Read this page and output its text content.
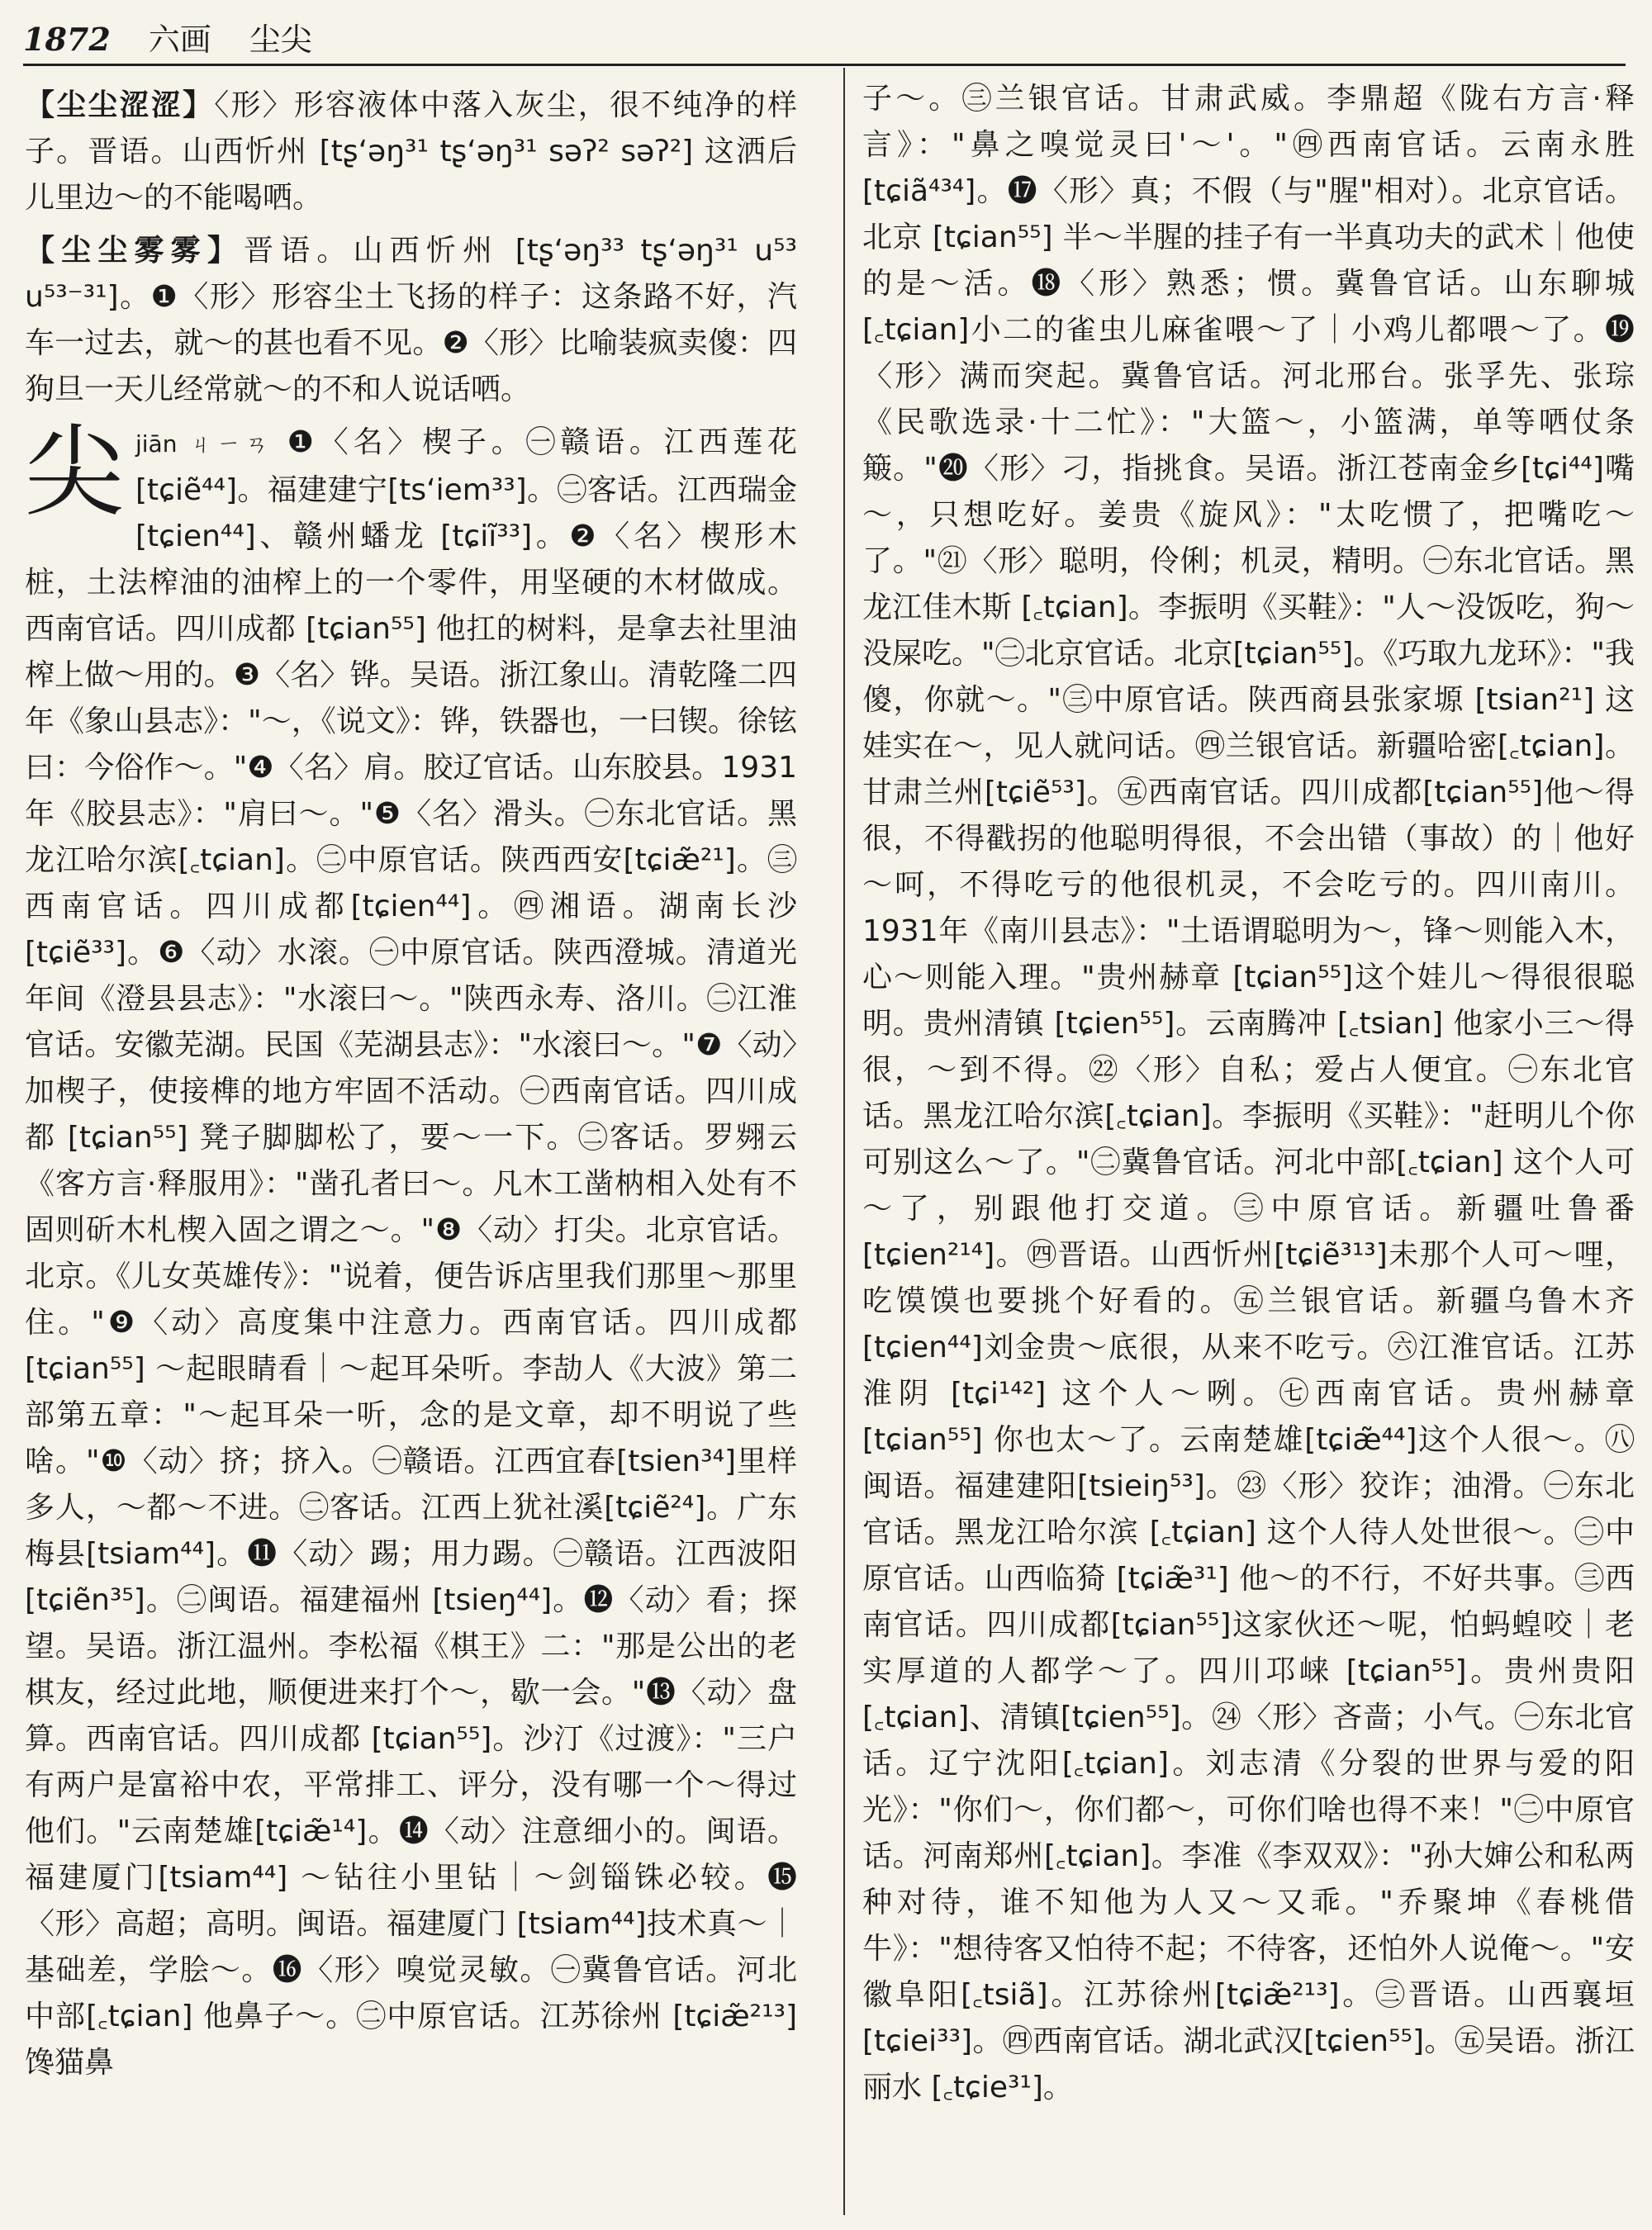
1872 六画 尘尖

【尘尘涩涩】〈形〉形容液体中落入灰尘，很不纯净的样子。晋语。山西忻州 [tʂʻəŋ³¹ tʂʻəŋ³¹ səʔ² səʔ²] 这洒后儿里边～的不能喝哂。

【尘尘雾雾】晋语。山西忻州 [tʂʻəŋ³³ tʂʻəŋ³¹ u⁵³ u⁵³⁻³¹]。❶〈形〉形容尘土飞扬的样子：这条路不好，汽车一过去，就～的甚也看不见。❷〈形〉比喻装疯卖傻：四狗旦一天儿经常就～的不和人说话哂。

尖 jiān ㄐㄧㄢ ❶〈名〉楔子。㊀赣语。江西莲花[tɕiẽ⁴⁴]。福建建宁[tsʻiem³³]。㊁客话。江西瑞金 [tɕien⁴⁴]、赣州蟠龙 [tɕiĩ³³]。❷〈名〉楔形木桩，土法榨油的油榨上的一个零件，用坚硬的木材做成。西南官话。四川成都 [tɕian⁵⁵] 他扛的树料，是拿去社里油榨上做～用的。❸〈名〉铧。吴语。浙江象山。清乾隆二四年《象山县志》："～，《说文》：铧，铁器也，一曰锲。徐铉曰：今俗作～。"❹〈名〉肩。胶辽官话。山东胶县。1931年《胶县志》："肩曰～。"❺〈名〉滑头。㊀东北官话。黑龙江哈尔滨[꜀tɕian]。㊁中原官话。陕西西安[tɕiæ̃²¹]。㊂西南官话。四川成都[tɕien⁴⁴]。㊃湘语。湖南长沙[tɕiẽ³³]。❻〈动〉水滚。㊀中原官话。陕西澄城。清道光年间《澄县县志》："水滚曰～。"陕西永寿、洛川。㊁江淮官话。安徽芜湖。民国《芜湖县志》："水滚曰～。"❼〈动〉加楔子，使接榫的地方牢固不活动。㊀西南官话。四川成都 [tɕian⁵⁵] 凳子脚脚松了，要～一下。㊁客话。罗翙云《客方言·释服用》："凿孔者曰～。凡木工凿枘相入处有不固则斫木札楔入固之谓之～。"❽〈动〉打尖。北京官话。北京。《儿女英雄传》："说着，便告诉店里我们那里～那里住。"❾〈动〉高度集中注意力。西南官话。四川成都[tɕian⁵⁵] ～起眼睛看｜～起耳朵听。李劼人《大波》第二部第五章："～起耳朵一听，念的是文章，却不明说了些啥。"❿〈动〉挤；挤入。㊀赣语。江西宜春[tsien³⁴]里样多人，～都～不进。㊁客话。江西上犹社溪[tɕiẽ²⁴]。广东梅县[tsiam⁴⁴]。⓫〈动〉踢；用力踢。㊀赣语。江西波阳 [tɕiẽn³⁵]。㊁闽语。福建福州 [tsieŋ⁴⁴]。⓬〈动〉看；探望。吴语。浙江温州。李松福《棋王》二："那是公出的老棋友，经过此地，顺便进来打个～，歇一会。"⓭〈动〉盘算。西南官话。四川成都 [tɕian⁵⁵]。沙汀《过渡》："三户有两户是富裕中农，平常排工、评分，没有哪一个～得过他们。"云南楚雄[tɕiæ̃¹⁴]。⓮〈动〉注意细小的。闽语。福建厦门[tsiam⁴⁴] ～钻往小里钻｜～剑锱铢必较。⓯〈形〉高超；高明。闽语。福建厦门 [tsiam⁴⁴]技术真～｜基础差，学脍～。⓰〈形〉嗅觉灵敏。㊀冀鲁官话。河北中部[꜀tɕian] 他鼻子～。㊁中原官话。江苏徐州 [tɕiæ̃²¹³] 馋猫鼻

子～。㊂兰银官话。甘肃武威。李鼎超《陇右方言·释言》："鼻之嗅觉灵曰'～'。"㊃西南官话。云南永胜[tɕiã⁴³⁴]。⓱〈形〉真；不假（与"腥"相对）。北京官话。北京 [tɕian⁵⁵] 半～半腥的挂子有一半真功夫的武术｜他使的是～活。⓲〈形〉熟悉；惯。冀鲁官话。山东聊城 [꜀tɕian]小二的雀虫儿麻雀喂～了｜小鸡儿都喂～了。⓳〈形〉满而突起。冀鲁官话。河北邢台。张孚先、张琮《民歌选录·十二忙》："大篮～，小篮满，单等哂仗条簸。"⓴〈形〉刁，指挑食。吴语。浙江苍南金乡[tɕi⁴⁴]嘴～，只想吃好。姜贵《旋风》："太吃惯了，把嘴吃～了。"㉑〈形〉聪明，伶俐；机灵，精明。㊀东北官话。黑龙江佳木斯 [꜀tɕian]。李振明《买鞋》："人～没饭吃，狗～没屎吃。"㊁北京官话。北京[tɕian⁵⁵]。《巧取九龙环》："我傻，你就～。"㊂中原官话。陕西商县张家塬 [tsian²¹] 这娃实在～，见人就问话。㊃兰银官话。新疆哈密[꜀tɕian]。甘肃兰州[tɕiẽ⁵³]。㊄西南官话。四川成都[tɕian⁵⁵]他～得很，不得戳拐的他聪明得很，不会出错（事故）的｜他好～呵，不得吃亏的他很机灵，不会吃亏的。四川南川。1931年《南川县志》："土语谓聪明为～，锋～则能入木，心～则能入理。"贵州赫章 [tɕian⁵⁵]这个娃儿～得很很聪明。贵州清镇 [tɕien⁵⁵]。云南腾冲 [꜀tsian] 他家小三～得很，～到不得。㉒〈形〉自私；爱占人便宜。㊀东北官话。黑龙江哈尔滨[꜀tɕian]。李振明《买鞋》："赶明儿个你可别这么～了。"㊁冀鲁官话。河北中部[꜀tɕian] 这个人可～了，别跟他打交道。㊂中原官话。新疆吐鲁番 [tɕien²¹⁴]。㊃晋语。山西忻州[tɕiẽ³¹³]未那个人可～哩，吃馍馍也要挑个好看的。㊄兰银官话。新疆乌鲁木齐[tɕien⁴⁴]刘金贵～底很，从来不吃亏。㊅江淮官话。江苏淮阴 [tɕi¹⁴²] 这个人～咧。㊆西南官话。贵州赫章 [tɕian⁵⁵] 你也太～了。云南楚雄[tɕiæ̃⁴⁴]这个人很～。㊇闽语。福建建阳[tsieiŋ⁵³]。㉓〈形〉狡诈；油滑。㊀东北官话。黑龙江哈尔滨 [꜀tɕian] 这个人待人处世很～。㊁中原官话。山西临猗 [tɕiæ̃³¹] 他～的不行，不好共事。㊂西南官话。四川成都[tɕian⁵⁵]这家伙还～呢，怕蚂蝗咬｜老实厚道的人都学～了。四川邛崃 [tɕian⁵⁵]。贵州贵阳[꜀tɕian]、清镇[tɕien⁵⁵]。㉔〈形〉吝啬；小气。㊀东北官话。辽宁沈阳[꜀tɕian]。刘志清《分裂的世界与爱的阳光》："你们～，你们都～，可你们啥也得不来！"㊁中原官话。河南郑州[꜀tɕian]。李准《李双双》："孙大婶公和私两种对待，谁不知他为人又～又乖。"乔聚坤《春桃借牛》："想待客又怕待不起；不待客，还怕外人说俺～。"安徽阜阳[꜀tsiã]。江苏徐州[tɕiæ̃²¹³]。㊂晋语。山西襄垣 [tɕiei³³]。㊃西南官话。湖北武汉[tɕien⁵⁵]。㊄吴语。浙江丽水 [꜀tɕie³¹]。
